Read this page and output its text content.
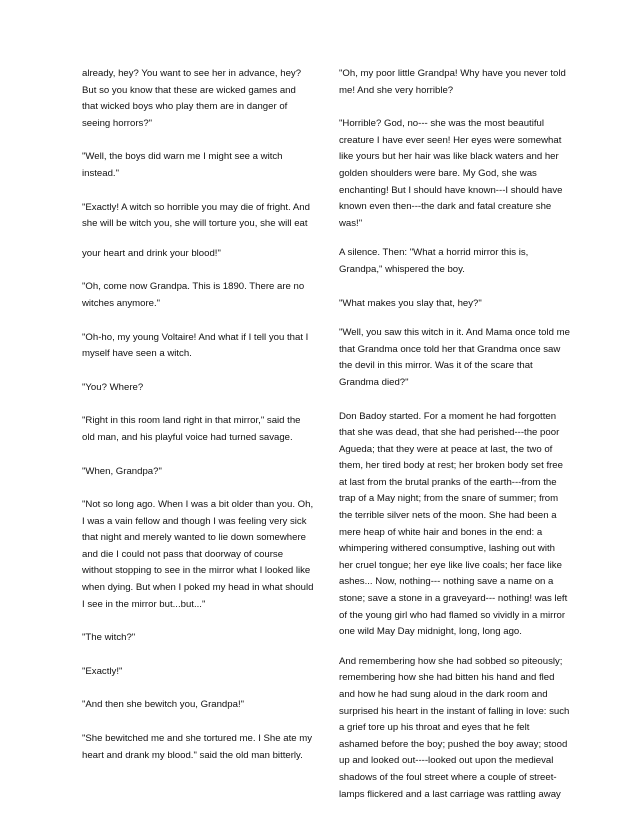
already, hey? You want to see her in advance, hey? But so you know that these are wicked games and that wicked boys who play them are in danger of seeing horrors?"

"Well, the boys did warn me I might see a witch instead."

"Exactly! A witch so horrible you may die of fright. And she will be witch you, she will torture you, she will eat

your heart and drink your blood!"

"Oh, come now Grandpa. This is 1890. There are no witches anymore."

"Oh-ho, my young Voltaire! And what if I tell you that I myself have seen a witch.

"You? Where?

"Right in this room land right in that mirror," said the old man, and his playful voice had turned savage.

"When, Grandpa?"

"Not so long ago. When I was a bit older than you. Oh, I was a vain fellow and though I was feeling very sick that night and merely wanted to lie down somewhere and die I could not pass that doorway of course without stopping to see in the mirror what I looked like when dying. But when I poked my head in what should I see in the mirror but...but..."

"The witch?"

"Exactly!"

"And then she bewitch you, Grandpa!"

"She bewitched me and she tortured me. I She ate my heart and drank my blood." said the old man bitterly.

"Oh, my poor little Grandpa! Why have you never told me! And she very horrible?

"Horrible? God, no--- she was the most beautiful creature I have ever seen! Her eyes were somewhat like yours but her hair was like black waters and her golden shoulders were bare. My God, she was enchanting! But I should have known---I should have known even then---the dark and fatal creature she was!"

A silence. Then: "What a horrid mirror this is, Grandpa," whispered the boy.

"What makes you slay that, hey?"

"Well, you saw this witch in it. And Mama once told me that Grandma once told her that Grandma once saw the devil in this mirror. Was it of the scare that Grandma died?"

Don Badoy started. For a moment he had forgotten that she was dead, that she had perished---the poor Agueda; that they were at peace at last, the two of them, her tired body at rest; her broken body set free at last from the brutal pranks of the earth---from the trap of a May night; from the snare of summer; from the terrible silver nets of the moon. She had been a mere heap of white hair and bones in the end: a whimpering withered consumptive, lashing out with her cruel tongue; her eye like live coals; her face like ashes... Now, nothing--- nothing save a name on a stone; save a stone in a graveyard--- nothing! was left of the young girl who had flamed so vividly in a mirror one wild May Day midnight, long, long ago.

And remembering how she had sobbed so piteously; remembering how she had bitten his hand and fled and how he had sung aloud in the dark room and surprised his heart in the instant of falling in love: such a grief tore up his throat and eyes that he felt ashamed before the boy; pushed the boy away; stood up and looked out----looked out upon the medieval shadows of the foul street where a couple of street-lamps flickered and a last carriage was rattling away
